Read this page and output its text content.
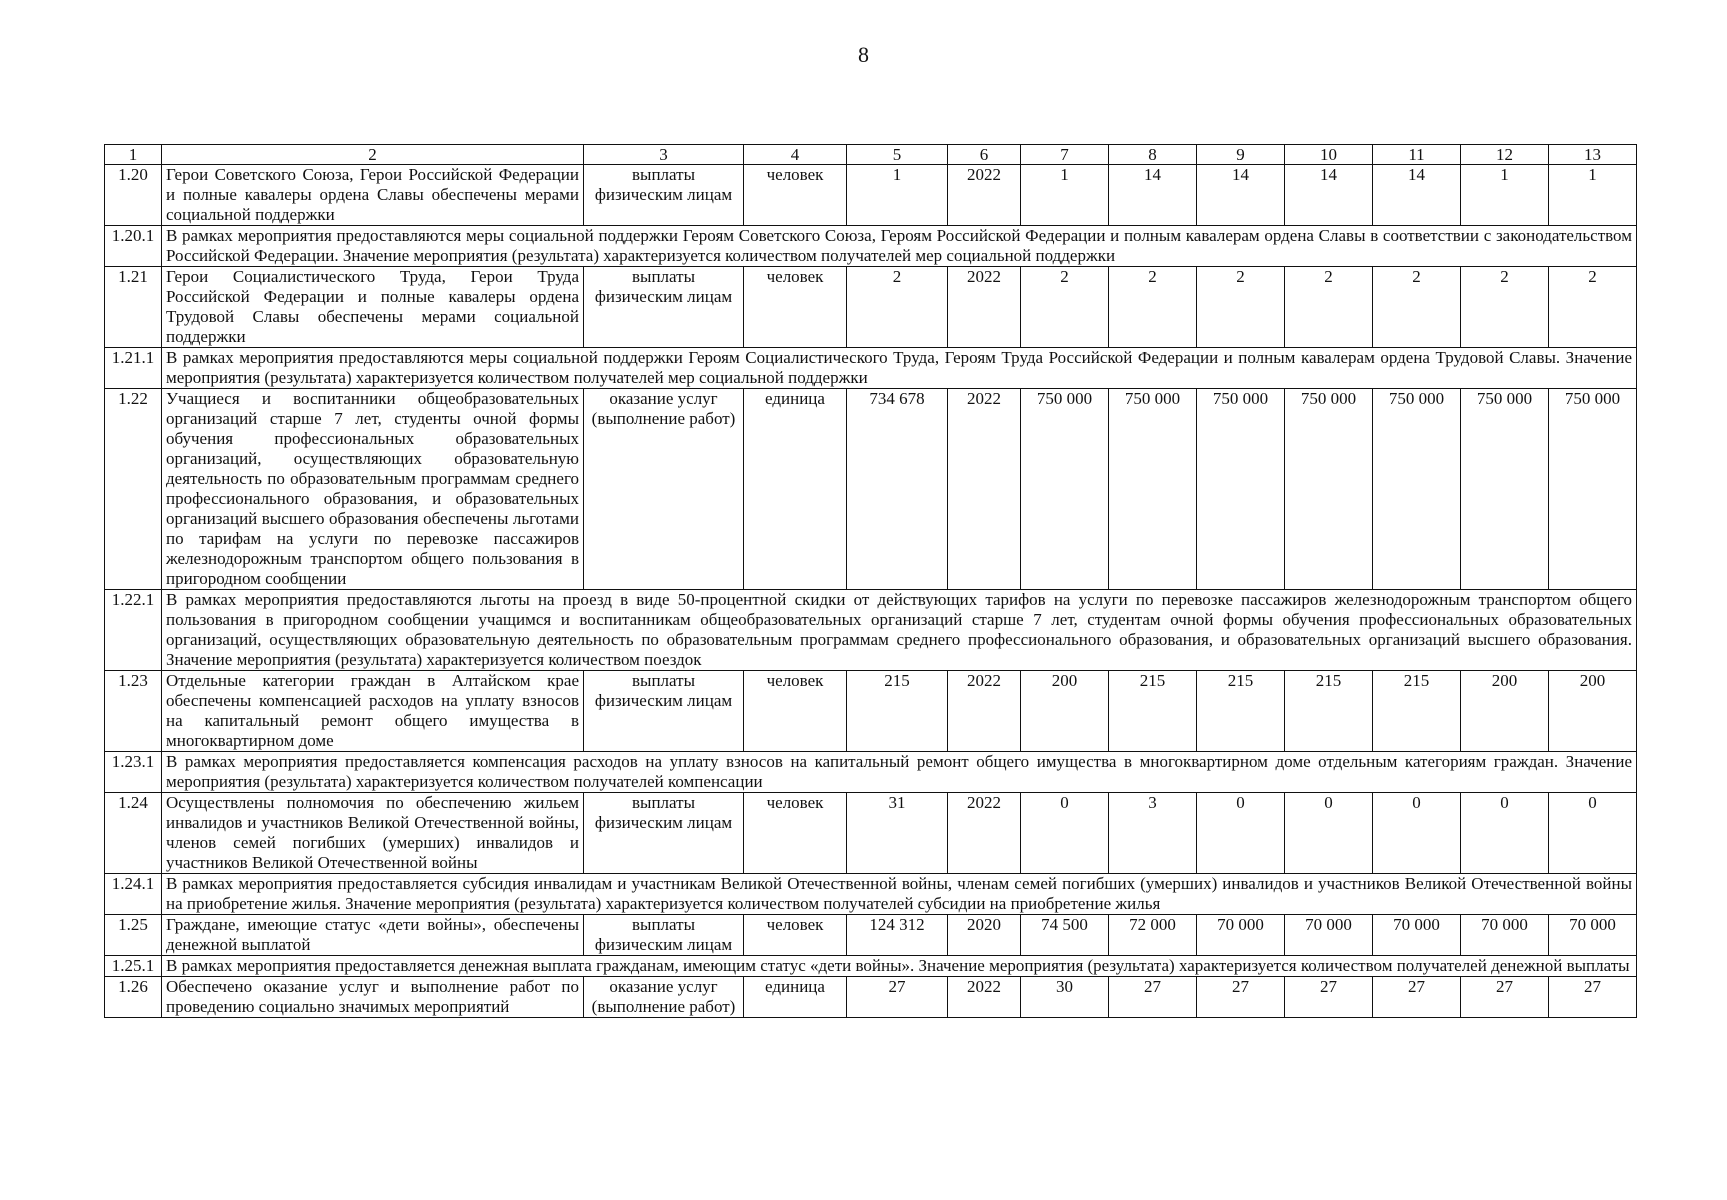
8
1	2	3	4	5	6	7	8	9	10	11	12	13
1.20	Герои Советского Союза, Герои Российской Федерации и полные кавалеры ордена Славы обеспечены мерами социальной поддержки	выплаты физическим лицам	человек	1	2022	1	14	14	14	14	1	1
1.20.1	В рамках мероприятия предоставляются меры социальной поддержки Героям Советского Союза, Героям Российской Федерации и полным кавалерам ордена Славы в соответствии с законодательством Российской Федерации. Значение мероприятия (результата) характеризуется количеством получателей мер социальной поддержки											
1.21	Герои Социалистического Труда, Герои Труда Российской Федерации и полные кавалеры ордена Трудовой Славы обеспечены мерами социальной поддержки	выплаты физическим лицам	человек	2	2022	2	2	2	2	2	2	2
1.21.1	В рамках мероприятия предоставляются меры социальной поддержки Героям Социалистического Труда, Героям Труда Российской Федерации и полным кавалерам ордена Трудовой Славы. Значение мероприятия (результата) характеризуется количеством получателей мер социальной поддержки											
1.22	Учащиеся и воспитанники общеобразовательных организаций старше 7 лет, студенты очной формы обучения профессиональных образовательных организаций, осуществляющих образовательную деятельность по образовательным программам среднего профессионального образования, и образовательных организаций высшего образования обеспечены льготами по тарифам на услуги по перевозке пассажиров железнодорожным транспортом общего пользования в пригородном сообщении	оказание услуг (выполнение работ)	единица	734 678	2022	750 000	750 000	750 000	750 000	750 000	750 000	750 000
1.22.1	В рамках мероприятия предоставляются льготы на проезд в виде 50-процентной скидки от действующих тарифов на услуги по перевозке пассажиров железнодорожным транспортом общего пользования в пригородном сообщении учащимся и воспитанникам общеобразовательных организаций старше 7 лет, студентам очной формы обучения профессиональных образовательных организаций, осуществляющих образовательную деятельность по образовательным программам среднего профессионального образования, и образовательных организаций высшего образования. Значение мероприятия (результата) характеризуется количеством поездок											
1.23	Отдельные категории граждан в Алтайском крае обеспечены компенсацией расходов на уплату взносов на капитальный ремонт общего имущества в многоквартирном доме	выплаты физическим лицам	человек	215	2022	200	215	215	215	215	200	200
1.23.1	В рамках мероприятия предоставляется компенсация расходов на уплату взносов на капитальный ремонт общего имущества в многоквартирном доме отдельным категориям граждан. Значение мероприятия (результата) характеризуется количеством получателей компенсации											
1.24	Осуществлены полномочия по обеспечению жильем инвалидов и участников Великой Отечественной войны, членов семей погибших (умерших) инвалидов и участников Великой Отечественной войны	выплаты физическим лицам	человек	31	2022	0	3	0	0	0	0	0
1.24.1	В рамках мероприятия предоставляется субсидия инвалидам и участникам Великой Отечественной войны, членам семей погибших (умерших) инвалидов и участников Великой Отечественной войны на приобретение жилья. Значение мероприятия (результата) характеризуется количеством получателей субсидии на приобретение жилья											
1.25	Граждане, имеющие статус «дети войны», обеспечены денежной выплатой	выплаты физическим лицам	человек	124 312	2020	74 500	72 000	70 000	70 000	70 000	70 000	70 000
1.25.1	В рамках мероприятия предоставляется денежная выплата гражданам, имеющим статус «дети войны». Значение мероприятия (результата) характеризуется количеством получателей денежной выплаты											
1.26	Обеспечено оказание услуг и выполнение работ по проведению социально значимых мероприятий	оказание услуг (выполнение работ)	единица	27	2022	30	27	27	27	27	27	27
